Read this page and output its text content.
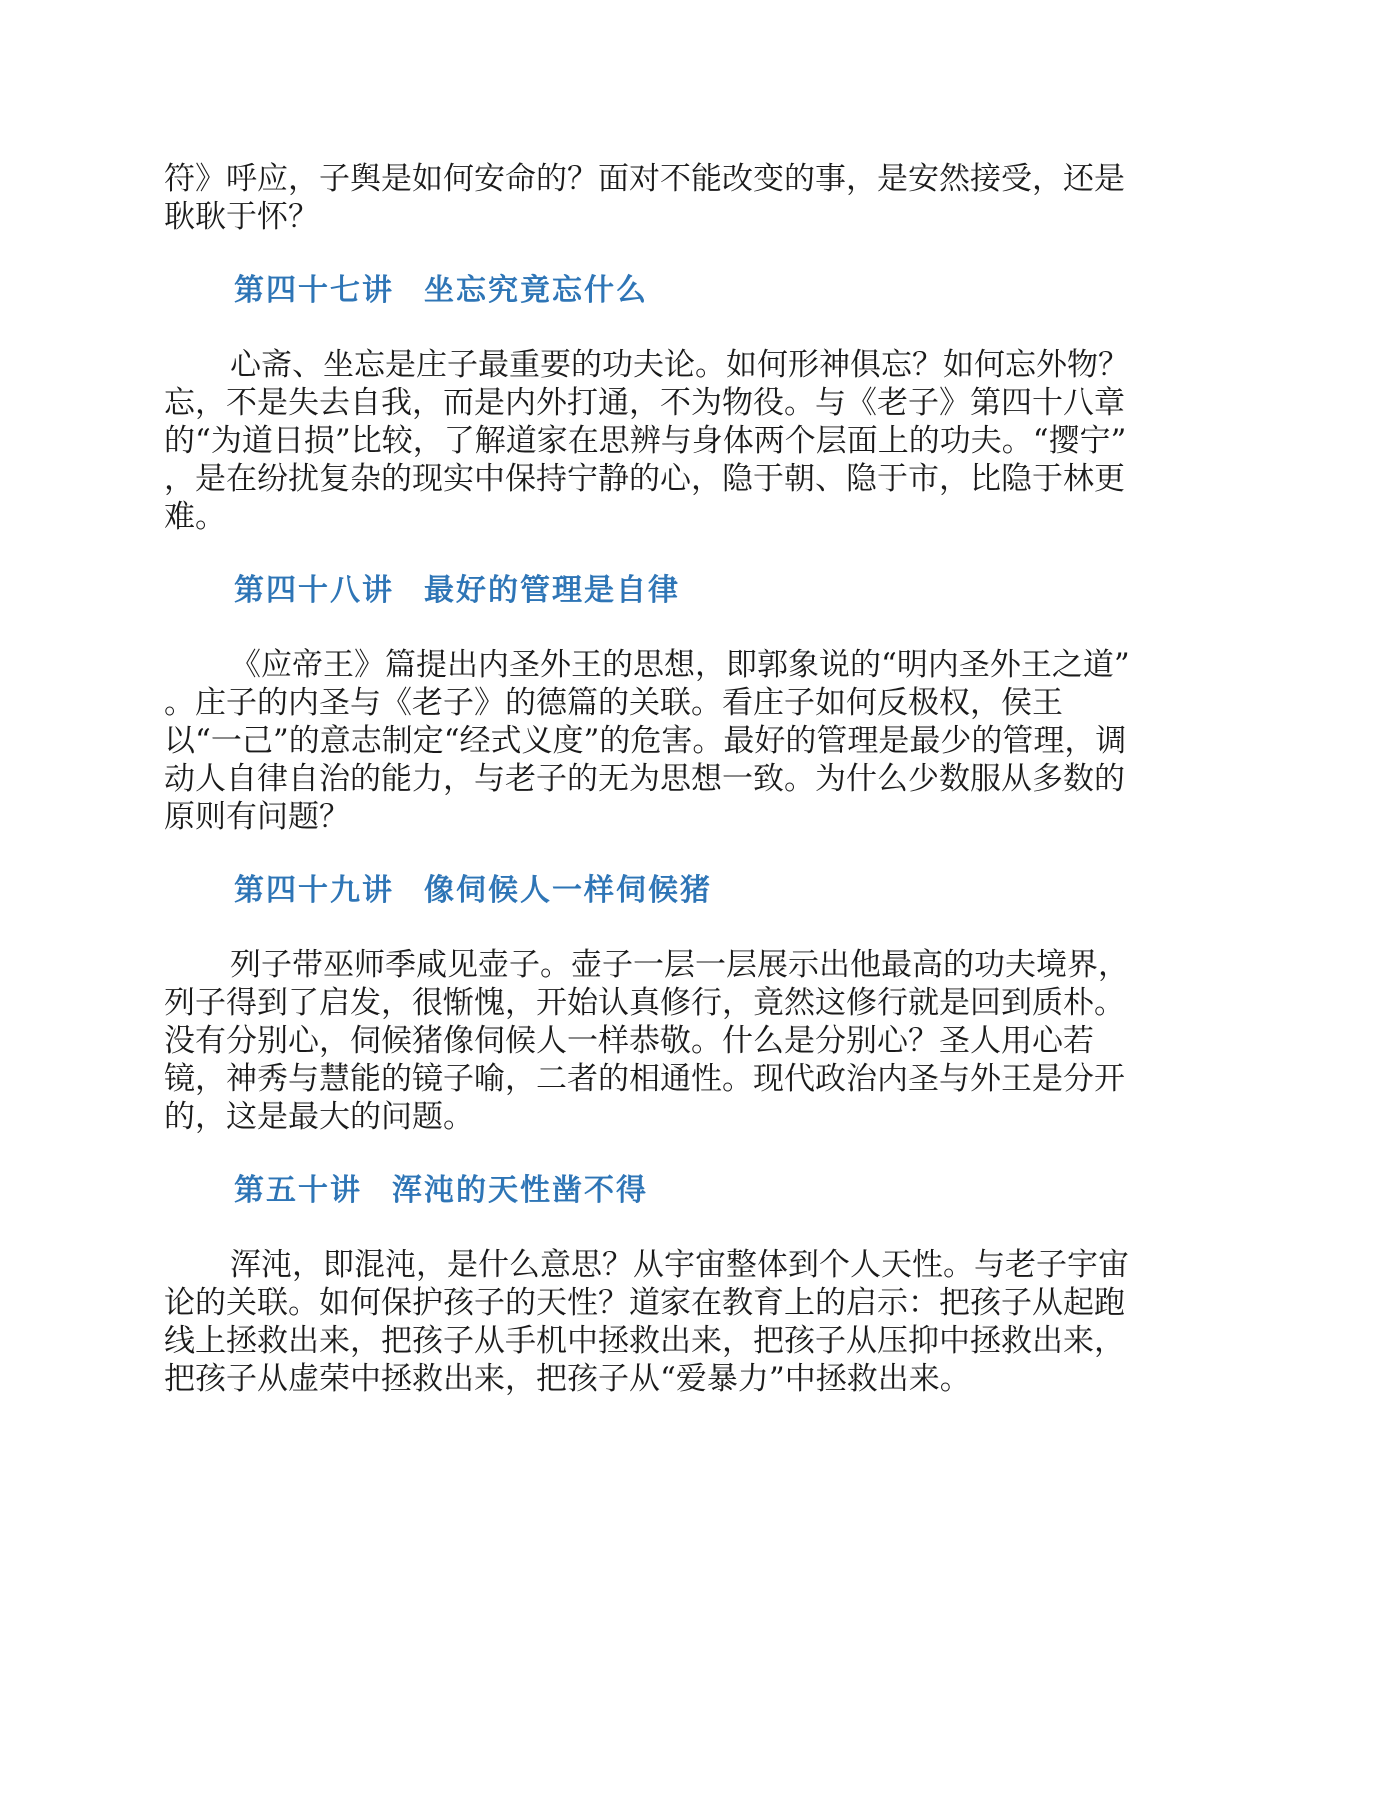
符》呼应，子舆是如何安命的？面对不能改变的事，是安然接受，还是
耿耿于怀？

第四十七讲 坐忘究竟忘什么

心斋、坐忘是庄子最重要的功夫论。如何形神俱忘？如何忘外物？
忘，不是失去自我，而是内外打通，不为物役。与《老子》第四十八章
的“为道日损”比较，了解道家在思辨与身体两个层面上的功夫。“撄宁”
，是在纷扰复杂的现实中保持宁静的心，隐于朝、隐于市，比隐于林更
难。

第四十八讲 最好的管理是自律

《应帝王》篇提出内圣外王的思想，即郭象说的“明内圣外王之道”
。庄子的内圣与《老子》的德篇的关联。看庄子如何反极权，侯王
以“一己”的意志制定“经式义度”的危害。最好的管理是最少的管理，调
动人自律自治的能力，与老子的无为思想一致。为什么少数服从多数的
原则有问题？

第四十九讲 像伺候人一样伺候猪

列子带巫师季咸见壶子。壶子一层一层展示出他最高的功夫境界，
列子得到了启发，很惭愧，开始认真修行，竟然这修行就是回到质朴。
没有分别心，伺候猪像伺候人一样恭敬。什么是分别心？圣人用心若
镜，神秀与慧能的镜子喻，二者的相通性。现代政治内圣与外王是分开
的，这是最大的问题。

第五十讲 浑沌的天性凿不得

浑沌，即混沌，是什么意思？从宇宙整体到个人天性。与老子宇宙
论的关联。如何保护孩子的天性？道家在教育上的启示：把孩子从起跑
线上拯救出来，把孩子从手机中拯救出来，把孩子从压抑中拯救出来，
把孩子从虚荣中拯救出来，把孩子从“爱暴力”中拯救出来。
